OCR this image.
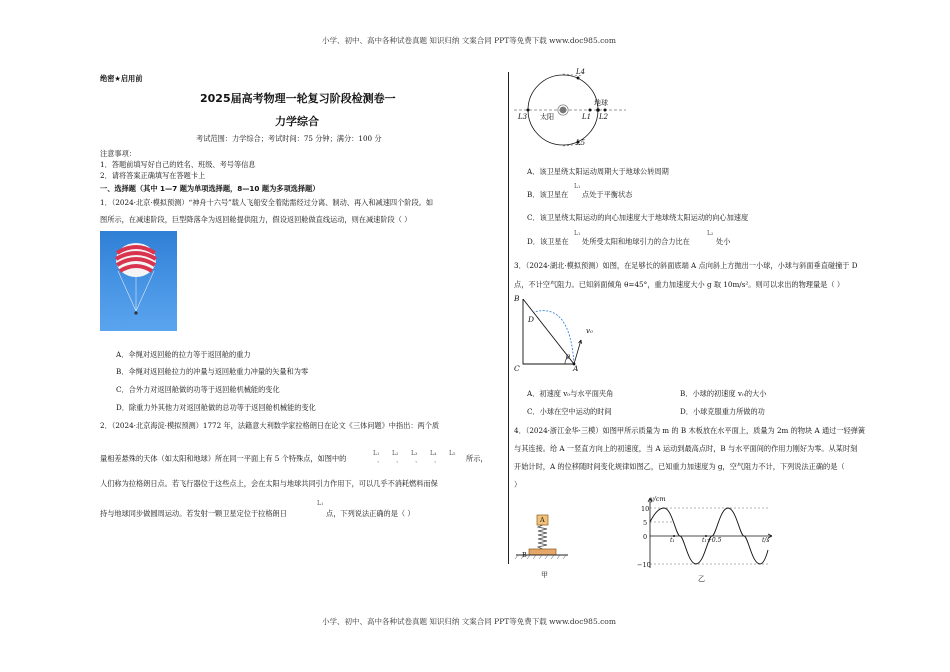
小学、初中、高中各种试卷真题 知识归纳 文案合同 PPT等免费下载 www.doc985.com
小学、初中、高中各种试卷真题 知识归纳 文案合同 PPT等免费下载 www.doc985.com
绝密★启用前
2025届高考物理一轮复习阶段检测卷一
力学综合
考试范围：力学综合；考试时间：75 分钟；满分：100 分
注意事项：
1．答题前填写好自己的姓名、班级、考号等信息
2．请将答案正确填写在答题卡上
一、选择题（其中 1—7 题为单项选择题，8—10 题为多项选择题）
1．（2024·北京·模拟预测）“神舟十六号”载人飞船安全着陆需经过分离、制动、再入和减速四个阶段。如
图所示，在减速阶段，巨型降落伞为返回舱提供阻力，假设返回舱做直线运动，则在减速阶段（ ）
A．伞绳对返回舱的拉力等于返回舱的重力
B．伞绳对返回舱拉力的冲量与返回舱重力冲量的矢量和为零
C．合外力对返回舱做的功等于返回舱机械能的变化
D．除重力外其他力对返回舱做的总功等于返回舱机械能的变化
2．（2024·北京海淀·模拟预测）1772 年，法籍意大利数学家拉格朗日在论文《三体问题》中指出：两个质
量相差悬殊的天体（如太阳和地球）所在同一平面上有 5 个特殊点，如图中的
L₁
、
L₂
、
L₃
、
L₄
、
L₅
所示，
人们称为拉格朗日点。若飞行器位于这些点上，会在太阳与地球共同引力作用下，可以几乎不消耗燃料而保
持与地球同步做圆周运动。若发射一颗卫星定位于拉格朗日
L₁
点，下列说法正确的是（ ）
L4
L3	L1 L2
L5
太阳
地球
A．该卫星绕太阳运动周期大于地球公转周期
B．该卫星在
L₁
点处于平衡状态
C．该卫星绕太阳运动的向心加速度大于地球绕太阳运动的向心加速度
D．该卫星在
L₁
处所受太阳和地球引力的合力比在
L₂
处小
3．（2024·湖北·模拟预测）如图，在足够长的斜面底端 A 点向斜上方抛出一小球，小球与斜面垂直碰撞于 D
点，不计空气阻力。已知斜面倾角 θ=45°，重力加速度大小 g 取 10m/s²。则可以求出的物理量是（ ）
B
D
C	A
θ
v₀
A．初速度 v₀与水平面夹角	B．小球的初速度 v₀的大小
C．小球在空中运动的时间	D．小球克服重力所做的功
4．（2024·浙江金华·三模）如图甲所示质量为 m 的 B 木板放在水平面上，质量为 2m 的物块 A 通过一轻弹簧
与其连接。给 A 一竖直方向上的初速度，当 A 运动到最高点时，B 与水平面间的作用力刚好为零。从某时刻
开始计时，A 的位移随时间变化规律如图乙，已知重力加速度为 g，空气阻力不计，下列说法正确的是（
）
A
B
甲
y/cm
10
5
0
−10
t₁	t₁+0.5	t/s
乙
